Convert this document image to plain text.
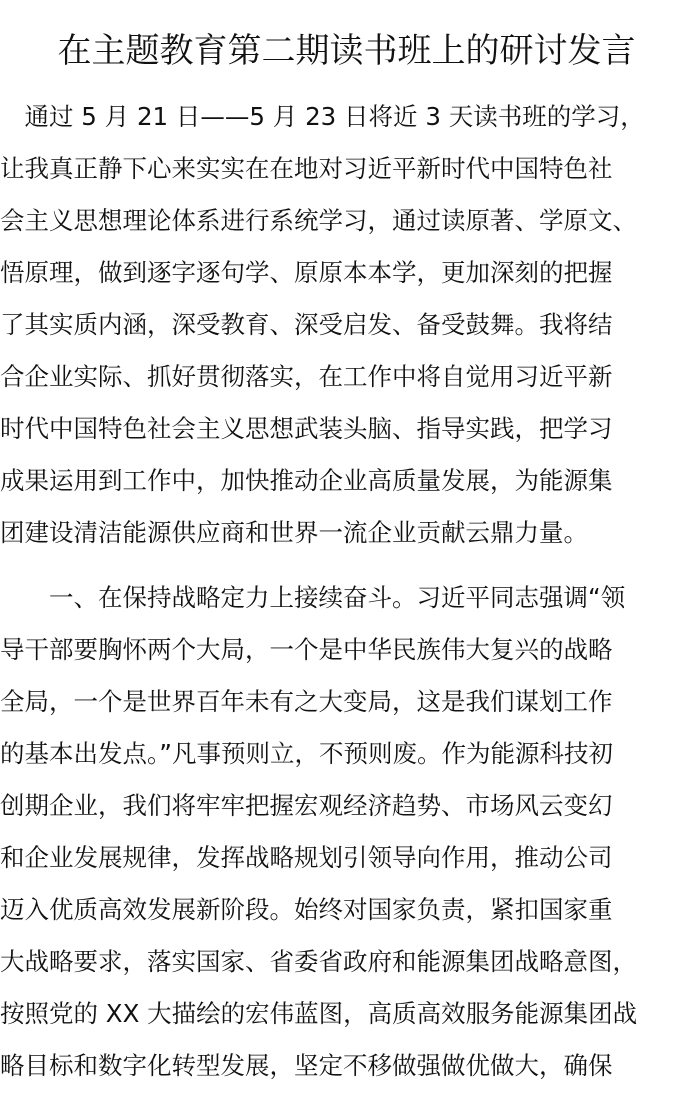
在主题教育第二期读书班上的研讨发言
　通过 5 月 21 日——5 月 23 日将近 3 天读书班的学习，
让我真正静下心来实实在在地对习近平新时代中国特色社
会主义思想理论体系进行系统学习，通过读原著、学原文、
悟原理，做到逐字逐句学、原原本本学，更加深刻的把握
了其实质内涵，深受教育、深受启发、备受鼓舞。我将结
合企业实际、抓好贯彻落实，在工作中将自觉用习近平新
时代中国特色社会主义思想武装头脑、指导实践，把学习
成果运用到工作中，加快推动企业高质量发展，为能源集
团建设清洁能源供应商和世界一流企业贡献云鼎力量。
　　一、在保持战略定力上接续奋斗。习近平同志强调“领
导干部要胸怀两个大局，一个是中华民族伟大复兴的战略
全局，一个是世界百年未有之大变局，这是我们谋划工作
的基本出发点。”凡事预则立，不预则废。作为能源科技初
创期企业，我们将牢牢把握宏观经济趋势、市场风云变幻
和企业发展规律，发挥战略规划引领导向作用，推动公司
迈入优质高效发展新阶段。始终对国家负责，紧扣国家重
大战略要求，落实国家、省委省政府和能源集团战略意图，
按照党的 XX 大描绘的宏伟蓝图，高质高效服务能源集团战
略目标和数字化转型发展，坚定不移做强做优做大，确保
